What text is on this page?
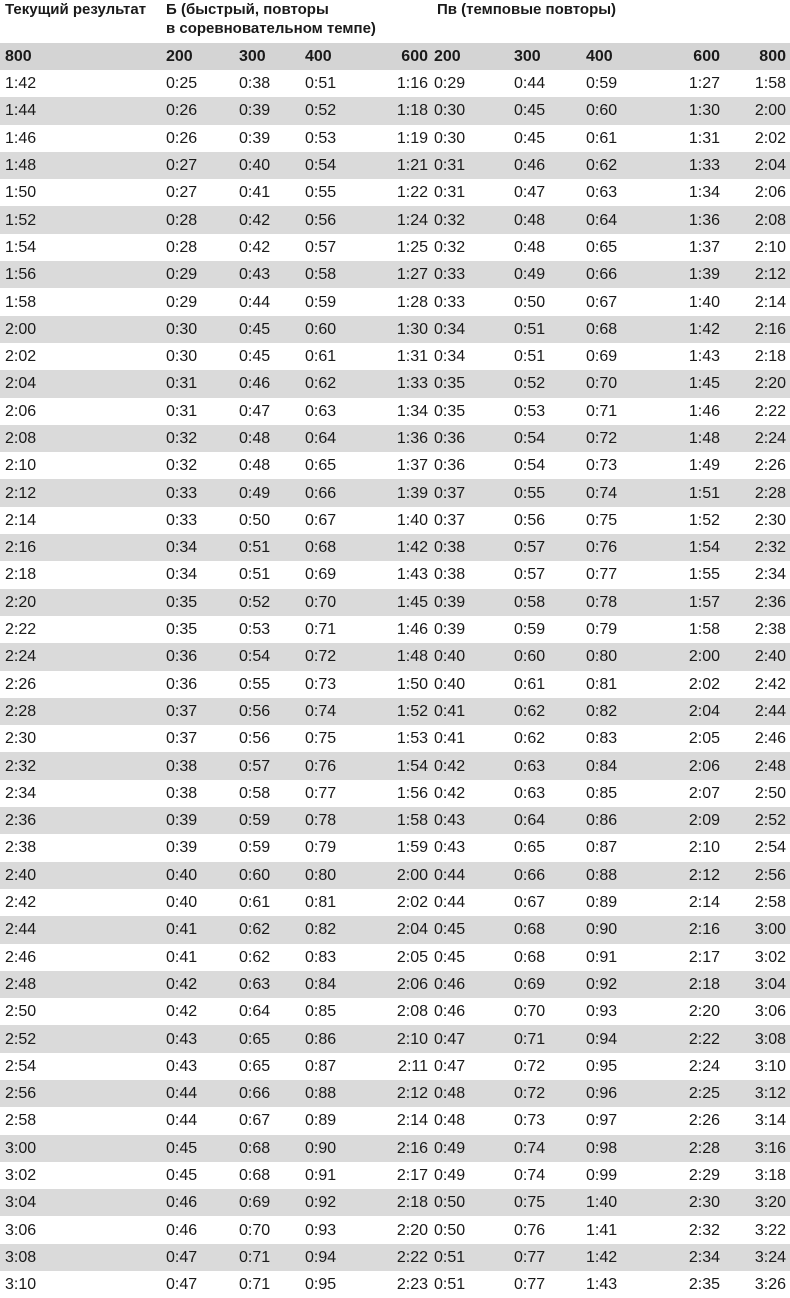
Текущий результат Б (быстрый, повторы
в соревновательном темпе)
Пв (темповые повторы)
800	200	300	400	600	200	300	400	600	800
1:42	0:25	0:38	0:51	1:16	0:29	0:44	0:59	1:27	1:58
1:44	0:26	0:39	0:52	1:18	0:30	0:45	0:60	1:30	2:00
1:46	0:26	0:39	0:53	1:19	0:30	0:45	0:61	1:31	2:02
1:48	0:27	0:40	0:54	1:21	0:31	0:46	0:62	1:33	2:04
1:50	0:27	0:41	0:55	1:22	0:31	0:47	0:63	1:34	2:06
1:52	0:28	0:42	0:56	1:24	0:32	0:48	0:64	1:36	2:08
1:54	0:28	0:42	0:57	1:25	0:32	0:48	0:65	1:37	2:10
1:56	0:29	0:43	0:58	1:27	0:33	0:49	0:66	1:39	2:12
1:58	0:29	0:44	0:59	1:28	0:33	0:50	0:67	1:40	2:14
2:00	0:30	0:45	0:60	1:30	0:34	0:51	0:68	1:42	2:16
2:02	0:30	0:45	0:61	1:31	0:34	0:51	0:69	1:43	2:18
2:04	0:31	0:46	0:62	1:33	0:35	0:52	0:70	1:45	2:20
2:06	0:31	0:47	0:63	1:34	0:35	0:53	0:71	1:46	2:22
2:08	0:32	0:48	0:64	1:36	0:36	0:54	0:72	1:48	2:24
2:10	0:32	0:48	0:65	1:37	0:36	0:54	0:73	1:49	2:26
2:12	0:33	0:49	0:66	1:39	0:37	0:55	0:74	1:51	2:28
2:14	0:33	0:50	0:67	1:40	0:37	0:56	0:75	1:52	2:30
2:16	0:34	0:51	0:68	1:42	0:38	0:57	0:76	1:54	2:32
2:18	0:34	0:51	0:69	1:43	0:38	0:57	0:77	1:55	2:34
2:20	0:35	0:52	0:70	1:45	0:39	0:58	0:78	1:57	2:36
2:22	0:35	0:53	0:71	1:46	0:39	0:59	0:79	1:58	2:38
2:24	0:36	0:54	0:72	1:48	0:40	0:60	0:80	2:00	2:40
2:26	0:36	0:55	0:73	1:50	0:40	0:61	0:81	2:02	2:42
2:28	0:37	0:56	0:74	1:52	0:41	0:62	0:82	2:04	2:44
2:30	0:37	0:56	0:75	1:53	0:41	0:62	0:83	2:05	2:46
2:32	0:38	0:57	0:76	1:54	0:42	0:63	0:84	2:06	2:48
2:34	0:38	0:58	0:77	1:56	0:42	0:63	0:85	2:07	2:50
2:36	0:39	0:59	0:78	1:58	0:43	0:64	0:86	2:09	2:52
2:38	0:39	0:59	0:79	1:59	0:43	0:65	0:87	2:10	2:54
2:40	0:40	0:60	0:80	2:00	0:44	0:66	0:88	2:12	2:56
2:42	0:40	0:61	0:81	2:02	0:44	0:67	0:89	2:14	2:58
2:44	0:41	0:62	0:82	2:04	0:45	0:68	0:90	2:16	3:00
2:46	0:41	0:62	0:83	2:05	0:45	0:68	0:91	2:17	3:02
2:48	0:42	0:63	0:84	2:06	0:46	0:69	0:92	2:18	3:04
2:50	0:42	0:64	0:85	2:08	0:46	0:70	0:93	2:20	3:06
2:52	0:43	0:65	0:86	2:10	0:47	0:71	0:94	2:22	3:08
2:54	0:43	0:65	0:87	2:11	0:47	0:72	0:95	2:24	3:10
2:56	0:44	0:66	0:88	2:12	0:48	0:72	0:96	2:25	3:12
2:58	0:44	0:67	0:89	2:14	0:48	0:73	0:97	2:26	3:14
3:00	0:45	0:68	0:90	2:16	0:49	0:74	0:98	2:28	3:16
3:02	0:45	0:68	0:91	2:17	0:49	0:74	0:99	2:29	3:18
3:04	0:46	0:69	0:92	2:18	0:50	0:75	1:40	2:30	3:20
3:06	0:46	0:70	0:93	2:20	0:50	0:76	1:41	2:32	3:22
3:08	0:47	0:71	0:94	2:22	0:51	0:77	1:42	2:34	3:24
3:10	0:47	0:71	0:95	2:23	0:51	0:77	1:43	2:35	3:26
